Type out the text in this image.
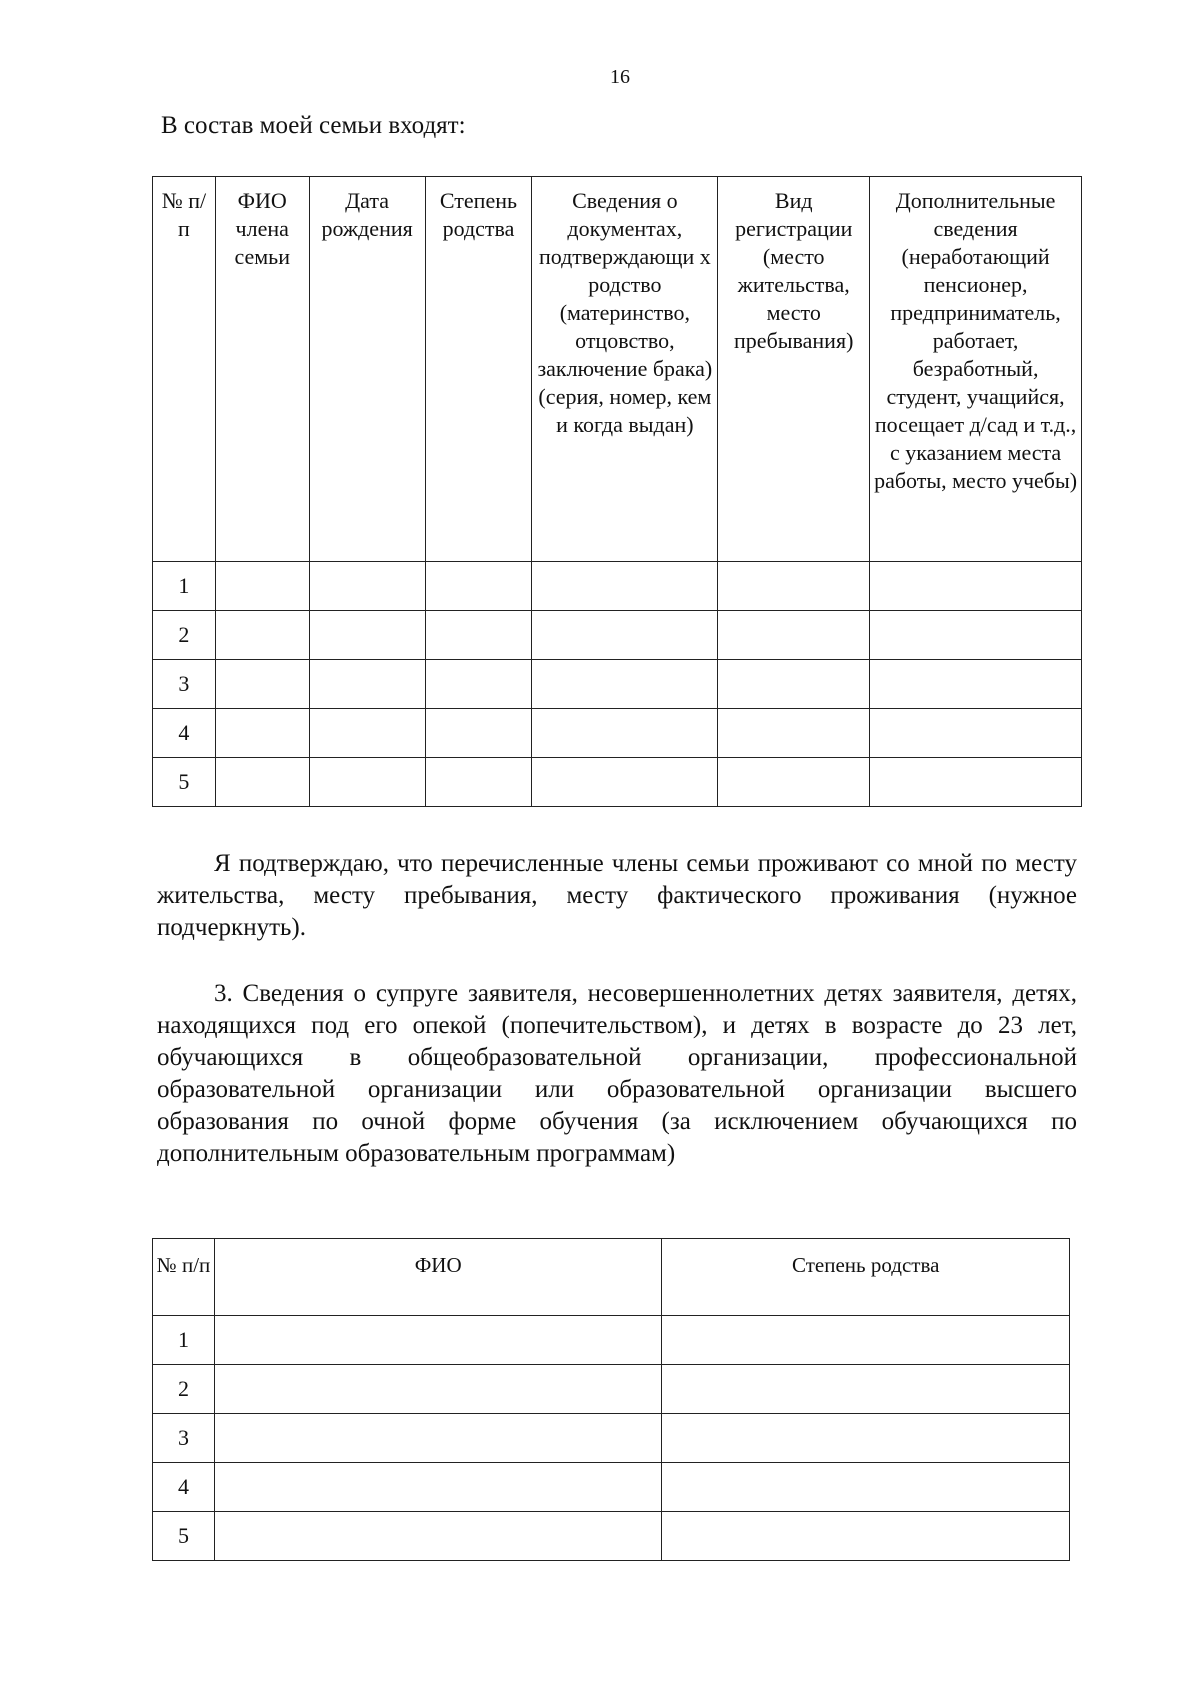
16
В состав моей семьи входят:
№ п/п	ФИО члена семьи	Дата рождения	Степень родства	Сведения о документах, подтверждающи х родство (материнство, отцовство, заключение брака) (серия, номер, кем и когда выдан)	Вид регистрации (место жительства, место пребывания)	Дополнительные сведения (неработающий пенсионер, предприниматель, работает, безработный, студент, учащийся, посещает д/сад и т.д., с указанием места работы, место учебы)
1						
2						
3						
4						
5						
Я подтверждаю, что перечисленные члены семьи проживают со мной по месту жительства, месту пребывания, месту фактического проживания (нужное подчеркнуть).
3. Сведения о супруге заявителя, несовершеннолетних детях заявителя, детях, находящихся под его опекой (попечительством), и детях в возрасте до 23 лет, обучающихся в общеобразовательной организации, профессиональной образовательной организации или образовательной организации высшего образования по очной форме обучения (за исключением обучающихся по дополнительным образовательным программам)
№ п/п	ФИО	Степень родства
1		
2		
3		
4		
5		
